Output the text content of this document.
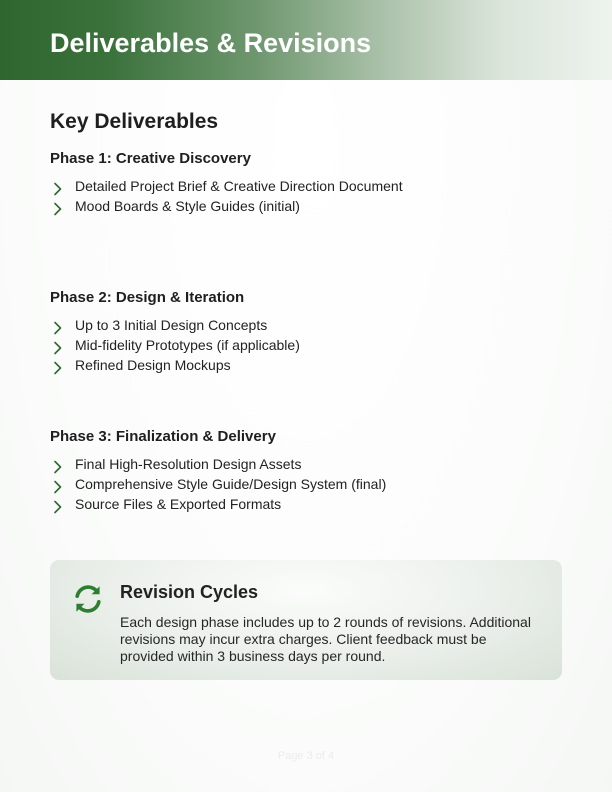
Deliverables & Revisions
Key Deliverables
Phase 1: Creative Discovery
Detailed Project Brief & Creative Direction Document
Mood Boards & Style Guides (initial)
Phase 2: Design & Iteration
Up to 3 Initial Design Concepts
Mid-fidelity Prototypes (if applicable)
Refined Design Mockups
Phase 3: Finalization & Delivery
Final High-Resolution Design Assets
Comprehensive Style Guide/Design System (final)
Source Files & Exported Formats
Revision Cycles

Each design phase includes up to 2 rounds of revisions. Additional revisions may incur extra charges. Client feedback must be provided within 3 business days per round.

Page 3 of 4
